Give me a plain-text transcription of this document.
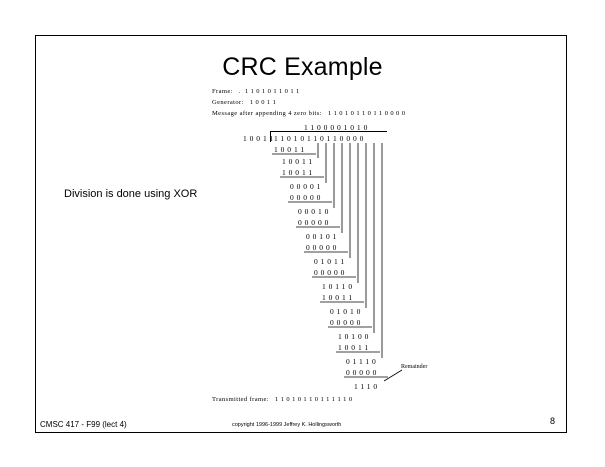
CRC Example
Frame:   .  1 1 0 1 0 1 1 0 1 1
Generator:   1 0 0 1 1
Message after appending 4 zero bits:   1 1 0 1 0 1 1 0 1 1 0 0 0 0
Division is done using XOR
1100001010
10011
11010110110000
10011
10011
10011
00001
00000
00010
00000
00101
00000
01011
00000
10110
10011
01010
00000
10100
10011
01110
00000
1110
Remainder
Transmitted frame:   1 1 0 1 0 1 1 0 1 1 1 1 1 0
CMSC 417 - F99 (lect 4)	copyright 1996-1999 Jeffrey K. Hollingsworth	8
